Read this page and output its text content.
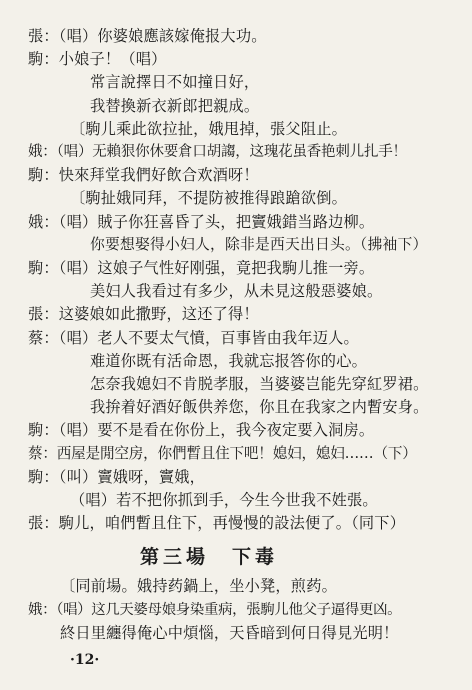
張：（唱）你婆娘應該嫁俺报大功。
駒：小娘子！（唱）
常言說擇日不如撞日好，
我替換新衣新郎把親成。
〔駒儿乘此欲拉扯，娥甩掉，張父阻止。
娥：（唱）无賴狠你休要倉口胡謅，这瑰花虽香艳刺儿扎手！
駒：快來拜堂我們好飲合欢酒呀！
〔駒扯娥同拜，不提防被推得踉蹌欲倒。
娥：（唱）賊子你狂喜昏了头，把竇娥錯当路边柳。
你要想娶得小妇人，除非是西天出日头。（拂袖下）
駒：（唱）这娘子气性好刚强，竟把我駒儿推一旁。
美妇人我看过有多少，从未見这般惡婆娘。
張：这婆娘如此撒野，这还了得！
蔡：（唱）老人不要太气憤，百事皆由我年迈人。
难道你既有活命恩，我就忘报答你的心。
怎奈我媳妇不肯脱孝服，当婆婆岂能先穿紅罗裙。
我拚着好酒好飯供养您，你且在我家之内暫安身。
駒：（唱）要不是看在你份上，我今夜定要入洞房。
蔡：西屋是閒空房，你們暫且住下吧！媳妇，媳妇……（下）
駒：（叫）竇娥呀，竇娥，
（唱）若不把你抓到手，今生今世我不姓張。
第三場　下毒
張：駒儿，咱們暫且住下，再慢慢的設法便了。（同下）
〔同前場。娥持药鍋上，坐小凳，煎药。
娥：（唱）这几天婆母娘身染重病，張駒儿他父子逼得更凶。
終日里纏得俺心中煩惱，天昏暗到何日得見光明！
·12·
